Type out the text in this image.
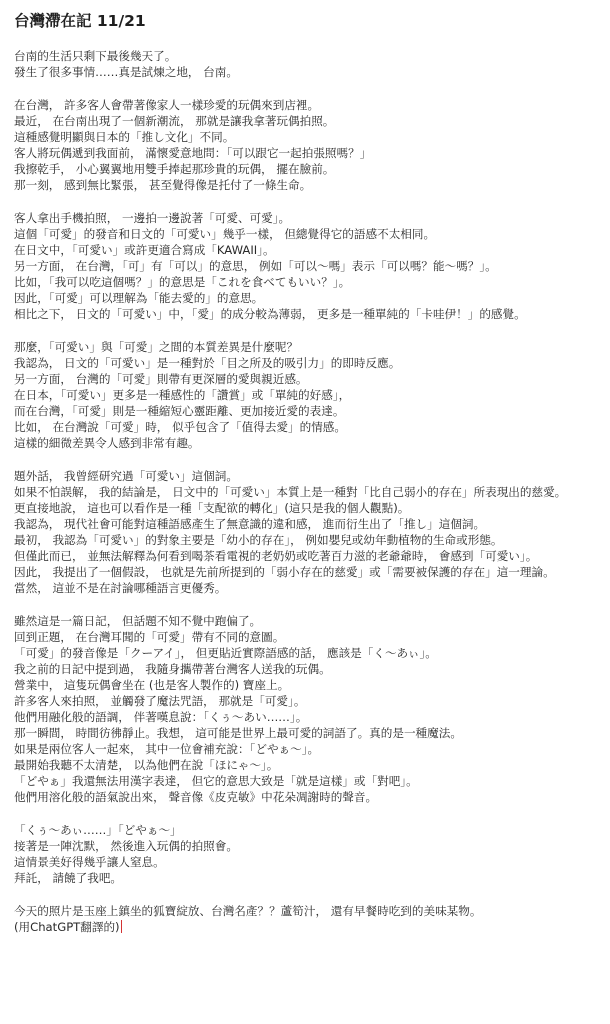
台灣滯在記 11/21
台南的生活只剩下最後幾天了。
發生了很多事情……真是試煉之地， 台南。
在台灣， 許多客人會帶著像家人一樣珍愛的玩偶來到店裡。
最近， 在台南出現了一個新潮流， 那就是讓我拿著玩偶拍照。
這種感覺明顯與日本的「推し文化」不同。
客人將玩偶遞到我面前， 滿懷愛意地問：「可以跟它一起拍張照嗎？」
我擦乾手， 小心翼翼地用雙手捧起那珍貴的玩偶， 擺在臉前。
那一刻， 感到無比緊張， 甚至覺得像是托付了一條生命。
客人拿出手機拍照， 一邊拍一邊說著「可愛、可愛」。
這個「可愛」的發音和日文的「可愛い」幾乎一樣， 但總覺得它的語感不太相同。
在日文中，「可愛い」或許更適合寫成「KAWAII」。
另一方面， 在台灣，「可」有「可以」的意思， 例如「可以〜嗎」表示「可以嗎？能〜嗎？」。
比如，「我可以吃這個嗎？」的意思是「これを食べてもいい？」。
因此，「可愛」可以理解為「能去愛的」的意思。
相比之下， 日文的「可愛い」中，「愛」的成分較為薄弱， 更多是一種單純的「卡哇伊！」的感覺。
那麼，「可愛い」與「可愛」之間的本質差異是什麼呢？
我認為， 日文的「可愛い」是一種對於「目之所及的吸引力」的即時反應。
另一方面， 台灣的「可愛」則帶有更深層的愛與親近感。
在日本，「可愛い」更多是一種感性的「讚賞」或「單純的好感」，
而在台灣，「可愛」則是一種縮短心靈距離、更加接近愛的表達。
比如， 在台灣說「可愛」時， 似乎包含了「值得去愛」的情感。
這樣的細微差異令人感到非常有趣。
題外話， 我曾經研究過「可愛い」這個詞。
如果不怕誤解， 我的結論是， 日文中的「可愛い」本質上是一種對「比自己弱小的存在」所表現出的慈愛。
更直接地說， 這也可以看作是一種「支配欲的轉化」(這只是我的個人觀點)。
我認為， 現代社會可能對這種語感產生了無意識的違和感， 進而衍生出了「推し」這個詞。
最初， 我認為「可愛い」的對象主要是「幼小的存在」， 例如嬰兒或幼年動植物的生命或形態。
但僅此而已， 並無法解釋為何看到喝茶看電視的老奶奶或吃著百力滋的老爺爺時， 會感到「可愛い」。
因此， 我提出了一個假設， 也就是先前所提到的「弱小存在的慈愛」或「需要被保護的存在」這一理論。
當然， 這並不是在討論哪種語言更優秀。
雖然這是一篇日記， 但話題不知不覺中跑偏了。
回到正題， 在台灣耳聞的「可愛」帶有不同的意圖。
「可愛」的發音像是「クーアイ」， 但更貼近實際語感的話， 應該是「く〜あぃ」。
我之前的日記中提到過， 我隨身攜帶著台灣客人送我的玩偶。
營業中， 這隻玩偶會坐在 (也是客人製作的) 寶座上。
許多客人來拍照， 並觸發了魔法咒語， 那就是「可愛」。
他們用融化般的語調， 伴著嘆息說：「くぅ〜あい……」。
那一瞬間， 時間彷彿靜止。我想， 這可能是世界上最可愛的詞語了。真的是一種魔法。
如果是兩位客人一起來， 其中一位會補充說：「どやぁ〜」。
最開始我聽不太清楚， 以為他們在說「ほにゃ〜」。
「どやぁ」我還無法用漢字表達， 但它的意思大致是「就是這樣」或「對吧」。
他們用溶化般的語氣說出來， 聲音像《皮克敏》中花朵凋謝時的聲音。
「くぅ〜あぃ……」「どやぁ〜」
接著是一陣沈默， 然後進入玩偶的拍照會。
這情景美好得幾乎讓人窒息。
拜託， 請饒了我吧。
今天的照片是玉座上鎮坐的狐寶綻放、台灣名產？？蘆筍汁， 還有早餐時吃到的美味某物。
(用ChatGPT翻譯的)
